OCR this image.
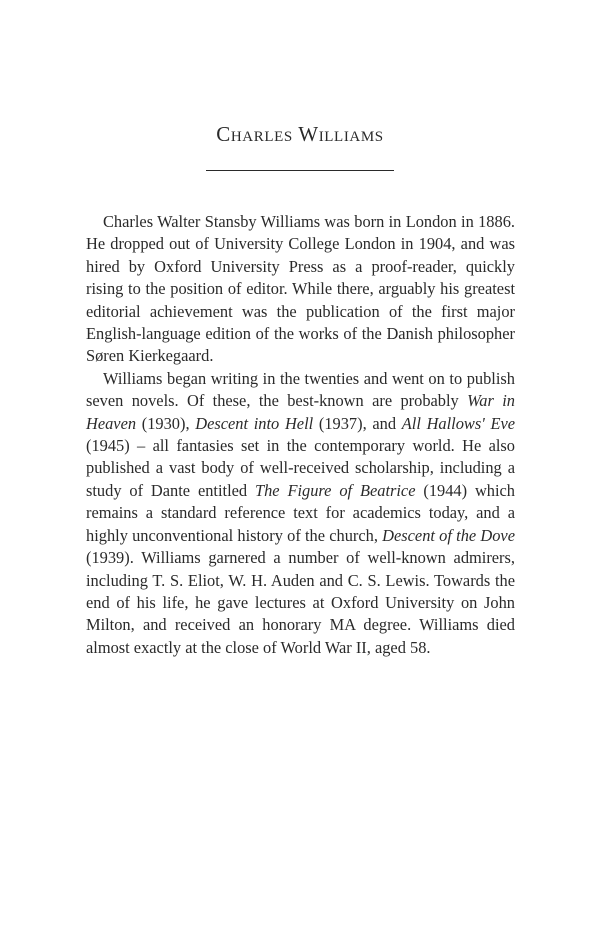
Charles Williams

Charles Walter Stansby Williams was born in London in 1886. He dropped out of University College London in 1904, and was hired by Oxford University Press as a proof-reader, quickly rising to the position of editor. While there, arguably his greatest editorial achievement was the publication of the first major English-language edition of the works of the Danish philosopher Søren Kierkegaard.

Williams began writing in the twenties and went on to publish seven novels. Of these, the best-known are probably War in Heaven (1930), Descent into Hell (1937), and All Hallows' Eve (1945) – all fantasies set in the contemporary world. He also published a vast body of well-received scholarship, including a study of Dante entitled The Figure of Beatrice (1944) which remains a standard reference text for academics today, and a highly unconventional history of the church, Descent of the Dove (1939). Williams garnered a number of well-known admirers, including T. S. Eliot, W. H. Auden and C. S. Lewis. Towards the end of his life, he gave lectures at Oxford University on John Milton, and received an honorary MA degree. Williams died almost exactly at the close of World War II, aged 58.
